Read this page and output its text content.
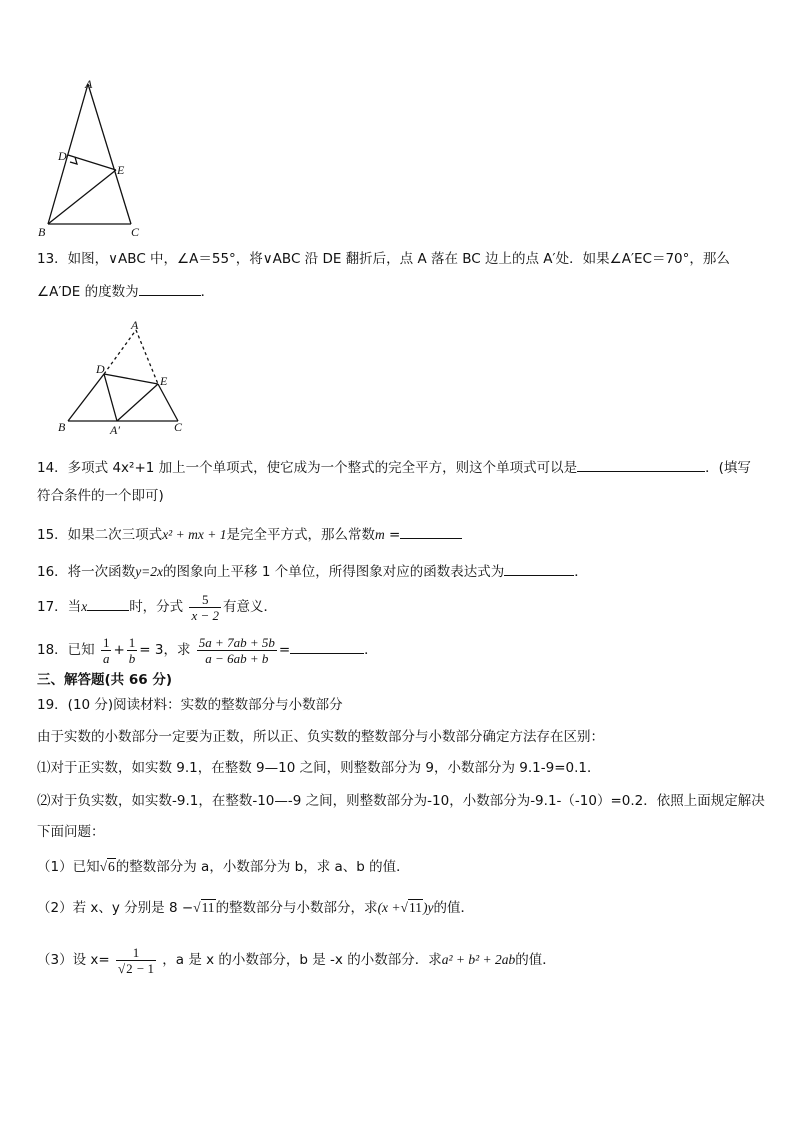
A
D
E
B	C
13．如图，∨ABC 中，∠A＝55°，将∨ABC 沿 DE 翻折后，点 A 落在 BC 边上的点 A′处．如果∠A′EC＝70°，那么
∠A′DE 的度数为	．
A
D
E
B	A′	C
14．多项式 4x²+1 加上一个单项式，使它成为一个整式的完全平方，则这个单项式可以是	．(填写
符合条件的一个即可)
15．如果二次三项式x² + mx + 1是完全平方式，那么常数m =
16．将一次函数y=2x的图象向上平移 1 个单位，所得图象对应的函数表达式为	．
17．当x	时，分式 $\frac{5}{x - 2}$ 有意义．
18．已知 $\frac{1}{a} + \frac{1}{b} = 3$，求 $\frac{5a + 7ab + 5b}{a - 6ab + b}$ =	．
三、解答题(共 66 分)
19．(10 分)阅读材料：实数的整数部分与小数部分
由于实数的小数部分一定要为正数，所以正、负实数的整数部分与小数部分确定方法存在区别：
⑴对于正实数，如实数 9.1，在整数 9—10 之间，则整数部分为 9，小数部分为 9.1-9=0.1．
⑵对于负实数，如实数-9.1，在整数-10—-9 之间，则整数部分为-10，小数部分为-9.1-（-10）=0.2．依照上面规定解决
下面问题：
（1）已知√6的整数部分为 a，小数部分为 b，求 a、b 的值．
（2）若 x、y 分别是 8 −√11的整数部分与小数部分，求(x +√11)y的值．
（3）设 $x= \frac{1}{√2 - 1}$ ，a 是 x 的小数部分，b 是 -x 的小数部分．求a² + b² + 2ab的值．
